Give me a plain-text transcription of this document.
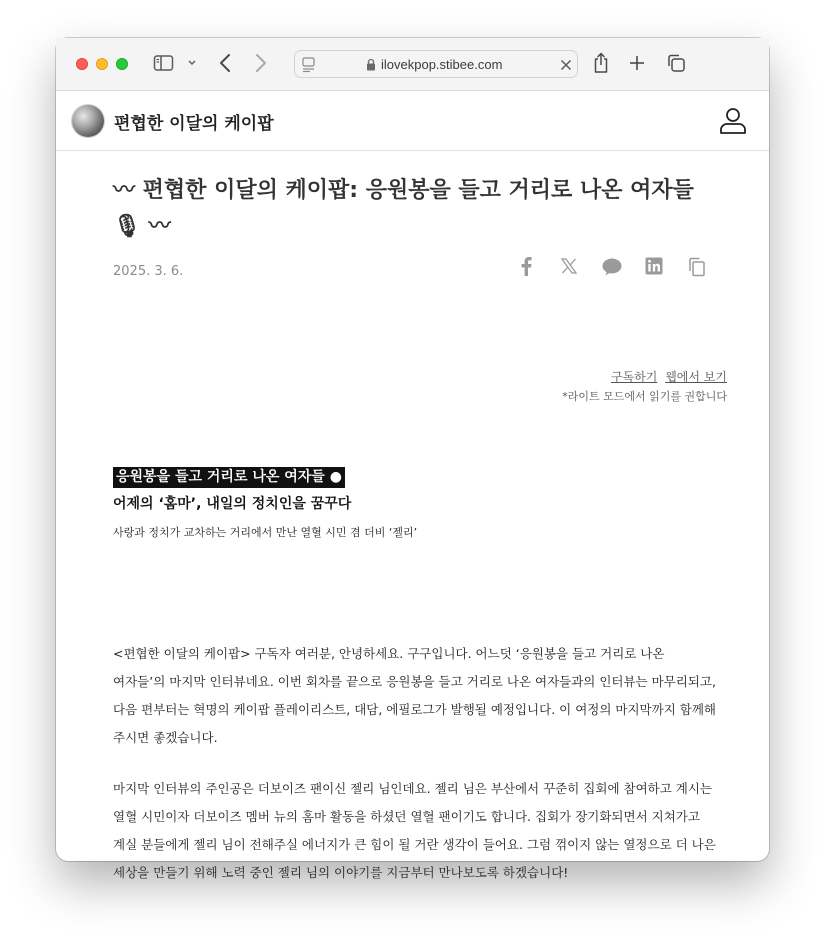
ilovekpop.stibee.com
편협한 이달의 케이팝
〰 편협한 이달의 케이팝: 응원봉을 들고 거리로 나온 여자들 🎙 〰
2025. 3. 6.
구독하기 웹에서 보기
*라이트 모드에서 읽기를 권합니다
응원봉을 들고 거리로 나온 여자들 ●
어제의 ‘홈마’, 내일의 정치인을 꿈꾸다
사랑과 정치가 교차하는 거리에서 만난 열혈 시민 겸 더비 ‘젤리’

<편협한 이달의 케이팝> 구독자 여러분, 안녕하세요. 구구입니다. 어느덧 ‘응원봉을 들고 거리로 나온 여자들’의 마지막 인터뷰네요. 이번 회차를 끝으로 응원봉을 들고 거리로 나온 여자들과의 인터뷰는 마무리되고, 다음 편부터는 혁명의 케이팝 플레이리스트, 대담, 에필로그가 발행될 예정입니다. 이 여정의 마지막까지 함께해 주시면 좋겠습니다.

마지막 인터뷰의 주인공은 더보이즈 팬이신 젤리 님인데요. 젤리 님은 부산에서 꾸준히 집회에 참여하고 계시는 열혈 시민이자 더보이즈 멤버 뉴의 홈마 활동을 하셨던 열혈 팬이기도 합니다. 집회가 장기화되면서 지쳐가고 계실 분들에게 젤리 님이 전해주실 에너지가 큰 힘이 될 거란 생각이 들어요. 그럼 꺾이지 않는 열정으로 더 나은 세상을 만들기 위해 노력 중인 젤리 님의 이야기를 지금부터 만나보도록 하겠습니다!
